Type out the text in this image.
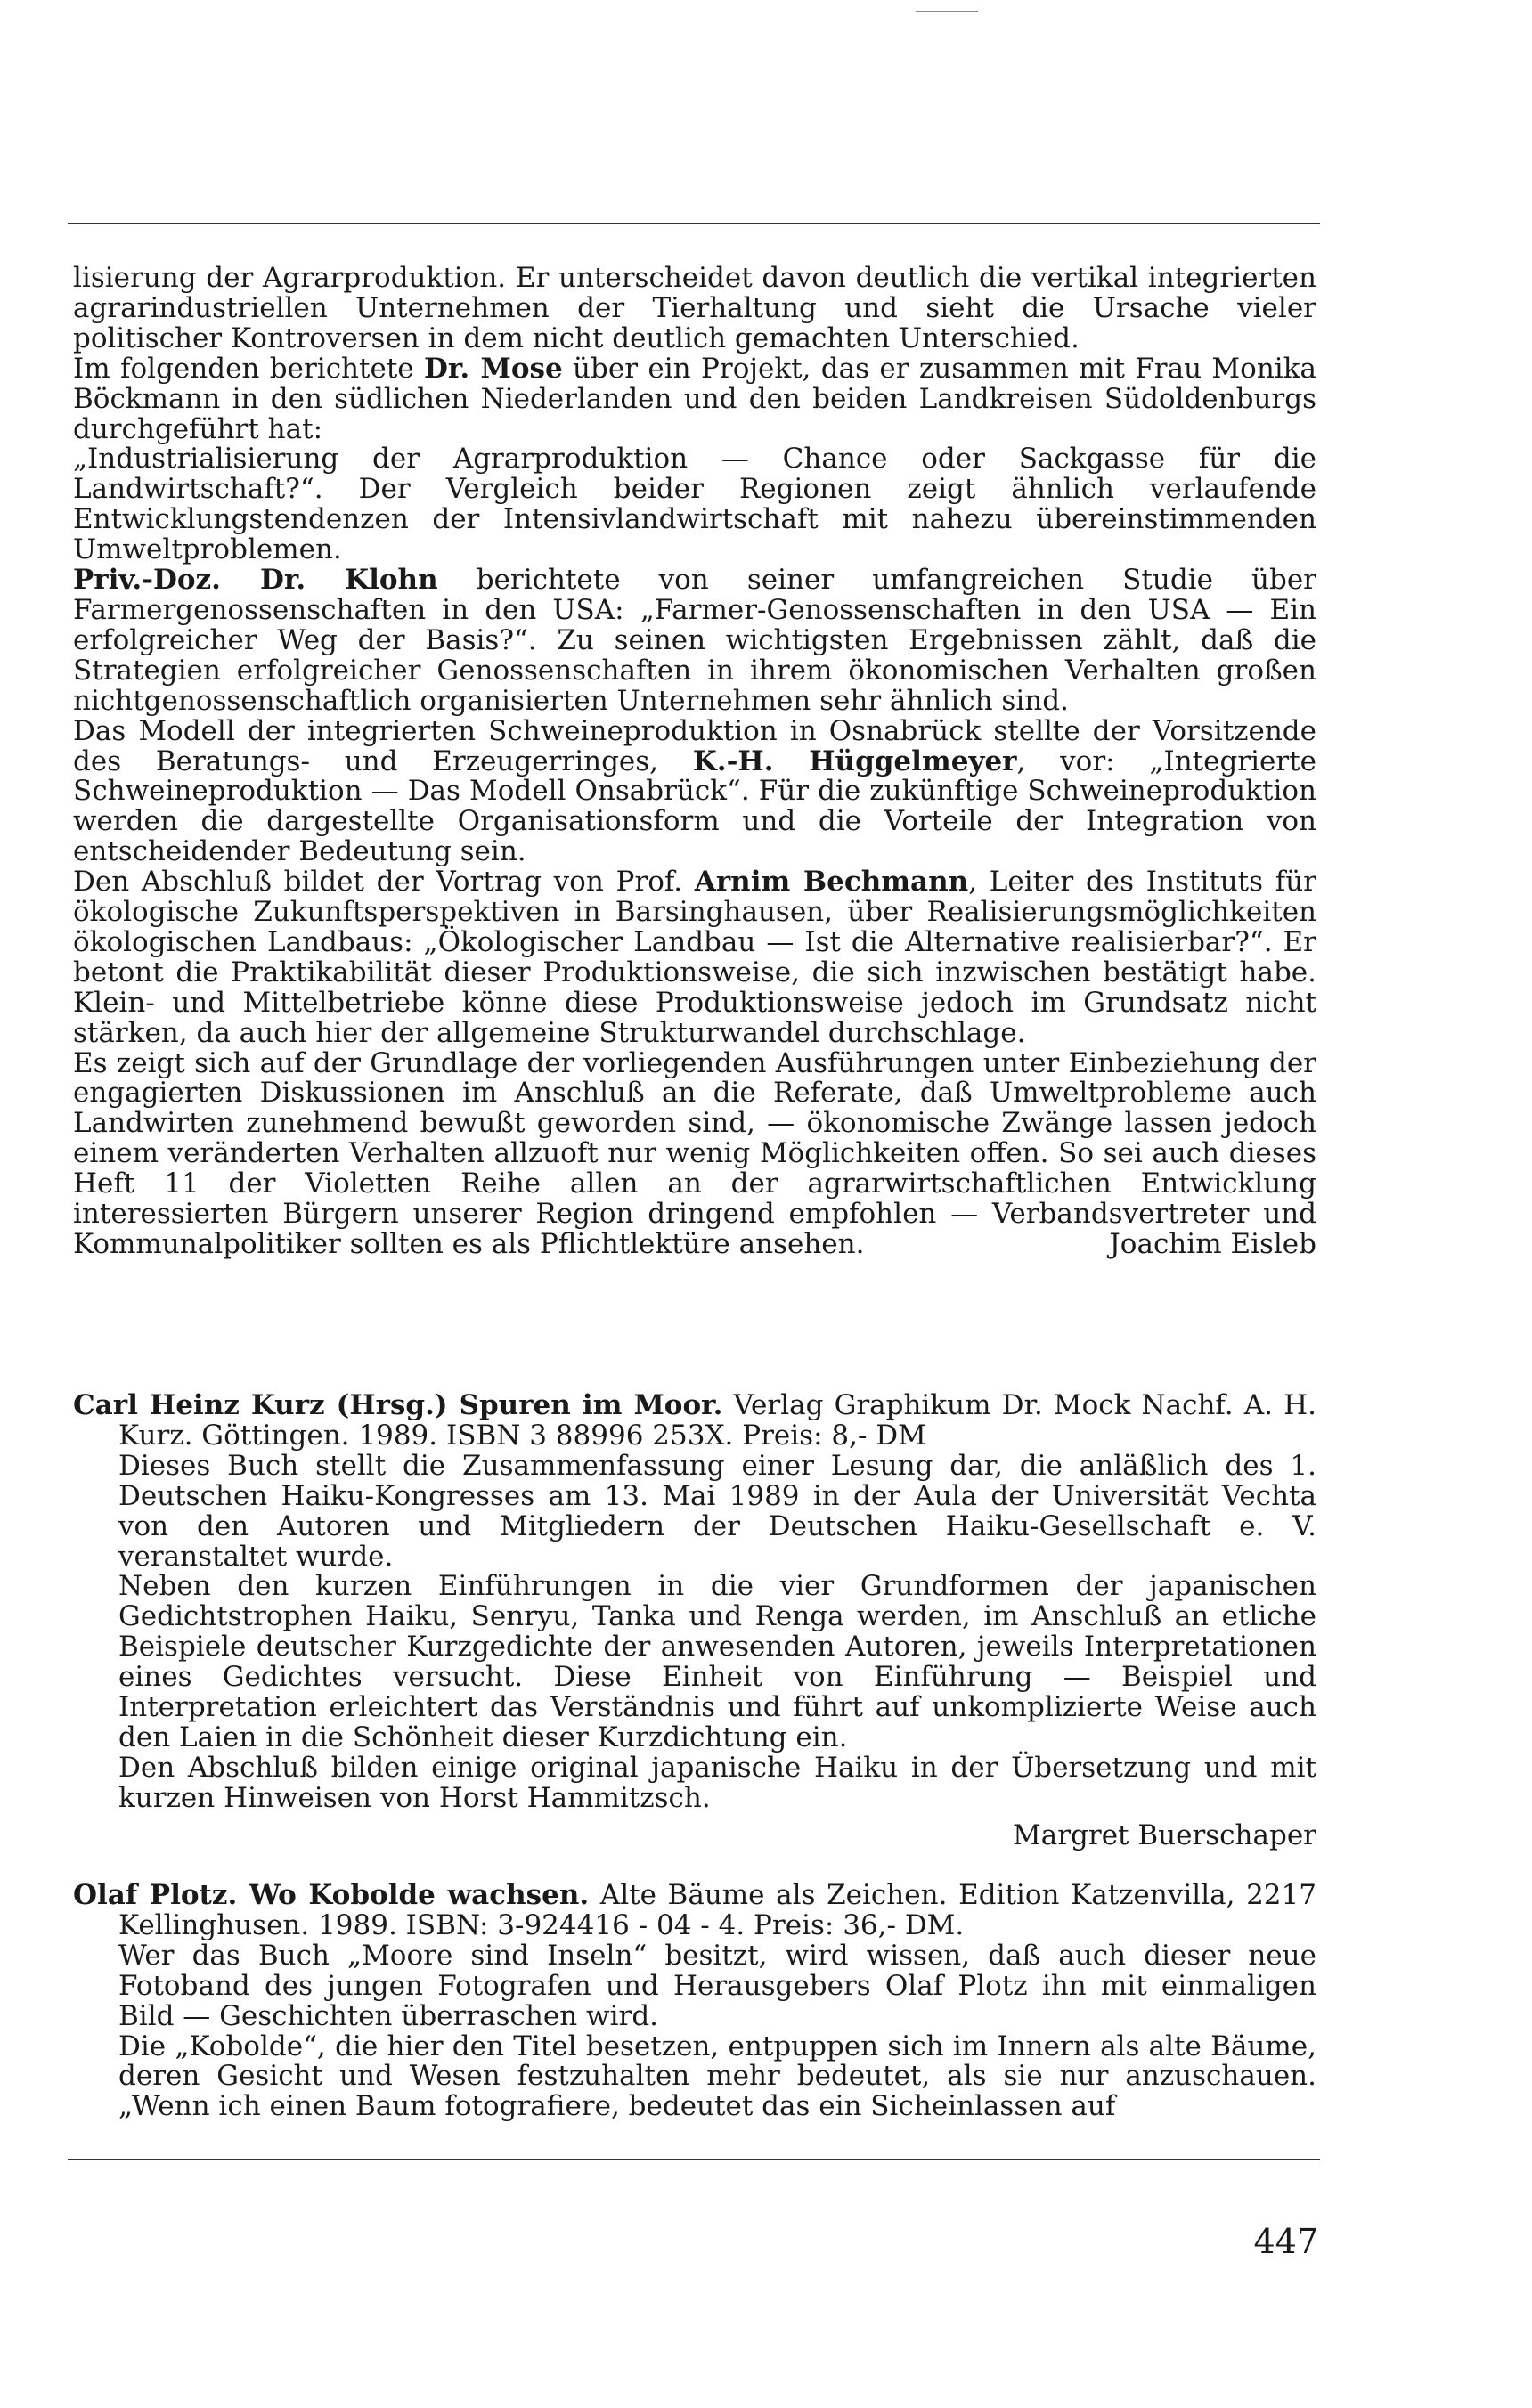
lisierung der Agrarproduktion. Er unterscheidet davon deutlich die vertikal integrierten agrarindustriellen Unternehmen der Tierhaltung und sieht die Ursache vieler politischer Kontroversen in dem nicht deutlich gemachten Unterschied.

Im folgenden berichtete Dr. Mose über ein Projekt, das er zusammen mit Frau Monika Böckmann in den südlichen Niederlanden und den beiden Landkreisen Südoldenburgs durchgeführt hat:

„Industrialisierung der Agrarproduktion — Chance oder Sackgasse für die Landwirtschaft?“. Der Vergleich beider Regionen zeigt ähnlich verlaufende Entwicklungstendenzen der Intensivlandwirtschaft mit nahezu übereinstimmenden Umweltproblemen.

Priv.-Doz. Dr. Klohn berichtete von seiner umfangreichen Studie über Farmergenossenschaften in den USA: „Farmer-Genossenschaften in den USA — Ein erfolgreicher Weg der Basis?“. Zu seinen wichtigsten Ergebnissen zählt, daß die Strategien erfolgreicher Genossenschaften in ihrem ökonomischen Verhalten großen nichtgenossenschaftlich organisierten Unternehmen sehr ähnlich sind.

Das Modell der integrierten Schweineproduktion in Osnabrück stellte der Vorsitzende des Beratungs- und Erzeugerringes, K.-H. Hüggelmeyer, vor: „Integrierte Schweineproduktion — Das Modell Onsabrück“. Für die zukünftige Schweineproduktion werden die dargestellte Organisationsform und die Vorteile der Integration von entscheidender Bedeutung sein.

Den Abschluß bildet der Vortrag von Prof. Arnim Bechmann, Leiter des Instituts für ökologische Zukunftsperspektiven in Barsinghausen, über Realisierungsmöglichkeiten ökologischen Landbaus: „Ökologischer Landbau — Ist die Alternative realisierbar?“. Er betont die Praktikabilität dieser Produktionsweise, die sich inzwischen bestätigt habe. Klein- und Mittelbetriebe könne diese Produktionsweise jedoch im Grundsatz nicht stärken, da auch hier der allgemeine Strukturwandel durchschlage.

Es zeigt sich auf der Grundlage der vorliegenden Ausführungen unter Einbeziehung der engagierten Diskussionen im Anschluß an die Referate, daß Umweltprobleme auch Landwirten zunehmend bewußt geworden sind, — ökonomische Zwänge lassen jedoch einem veränderten Verhalten allzuoft nur wenig Möglichkeiten offen. So sei auch dieses Heft 11 der Violetten Reihe allen an der agrarwirtschaftlichen Entwicklung interessierten Bürgern unserer Region dringend empfohlen — Verbandsvertreter und Kommunalpolitiker sollten es als Pflichtlektüre ansehen.	Joachim Eisleb

Carl Heinz Kurz (Hrsg.) Spuren im Moor. Verlag Graphikum Dr. Mock Nachf. A. H. Kurz. Göttingen. 1989. ISBN 3 88996 253X. Preis: 8,- DM

Dieses Buch stellt die Zusammenfassung einer Lesung dar, die anläßlich des 1. Deutschen Haiku-Kongresses am 13. Mai 1989 in der Aula der Universität Vechta von den Autoren und Mitgliedern der Deutschen Haiku-Gesellschaft e. V. veranstaltet wurde.

Neben den kurzen Einführungen in die vier Grundformen der japanischen Gedichtstrophen Haiku, Senryu, Tanka und Renga werden, im Anschluß an etliche Beispiele deutscher Kurzgedichte der anwesenden Autoren, jeweils Interpretationen eines Gedichtes versucht. Diese Einheit von Einführung — Beispiel und Interpretation erleichtert das Verständnis und führt auf unkomplizierte Weise auch den Laien in die Schönheit dieser Kurzdichtung ein.

Den Abschluß bilden einige original japanische Haiku in der Übersetzung und mit kurzen Hinweisen von Horst Hammitzsch.

Margret Buerschaper

Olaf Plotz. Wo Kobolde wachsen. Alte Bäume als Zeichen. Edition Katzenvilla, 2217 Kellinghusen. 1989. ISBN: 3-924416 - 04 - 4. Preis: 36,- DM.

Wer das Buch „Moore sind Inseln“ besitzt, wird wissen, daß auch dieser neue Fotoband des jungen Fotografen und Herausgebers Olaf Plotz ihn mit einmaligen Bild — Geschichten überraschen wird.

Die „Kobolde“, die hier den Titel besetzen, entpuppen sich im Innern als alte Bäume, deren Gesicht und Wesen festzuhalten mehr bedeutet, als sie nur anzuschauen. „Wenn ich einen Baum fotografiere, bedeutet das ein Sicheinlassen auf

447
